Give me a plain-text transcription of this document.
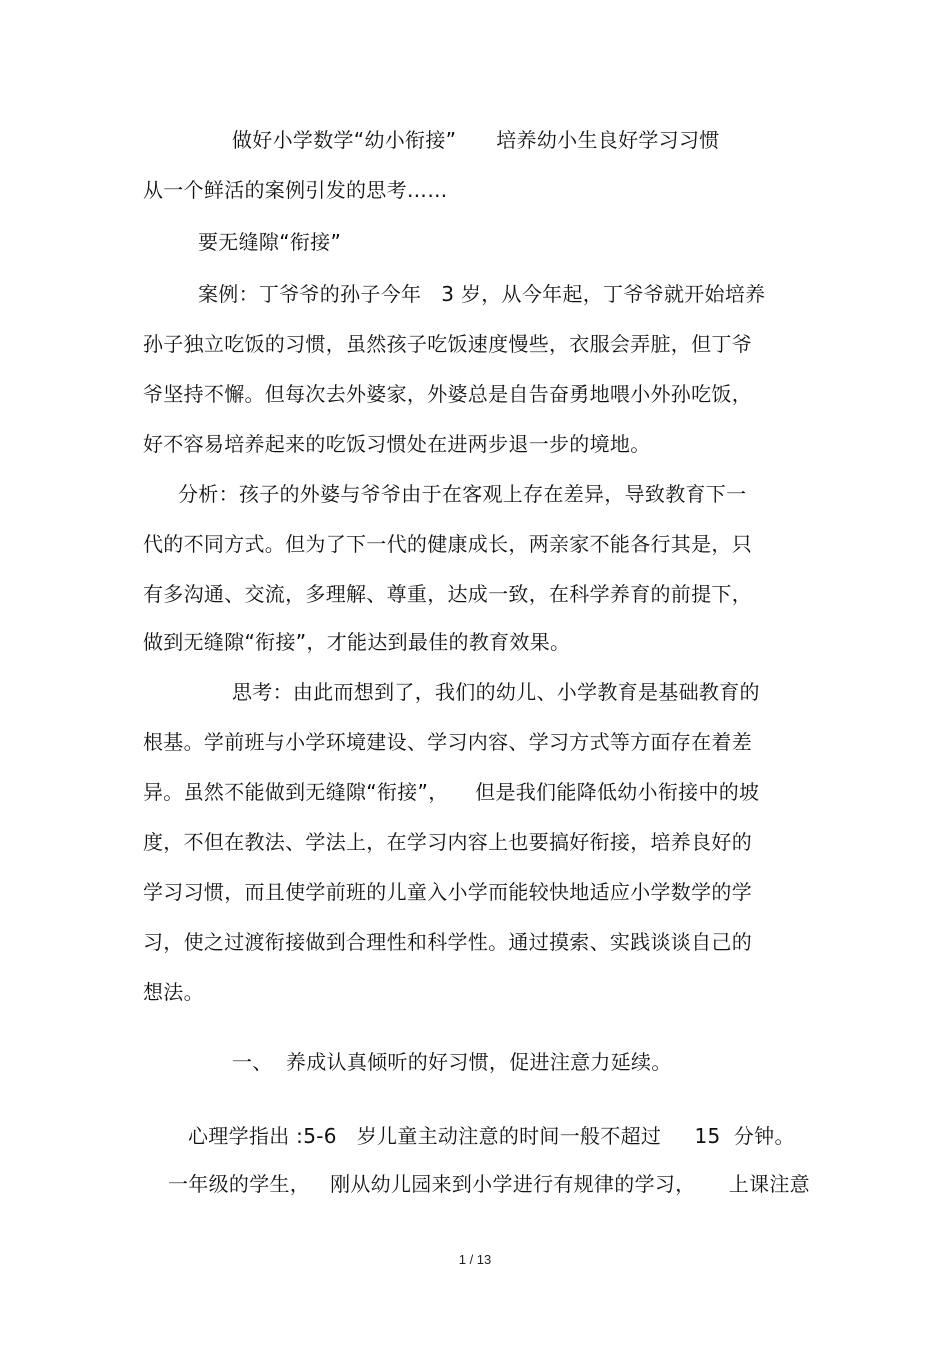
做好小学数学“幼小衔接”      培养幼小生良好学习习惯
从一个鲜活的案例引发的思考……
要无缝隙“衔接”
案例：丁爷爷的孙子今年   3 岁，从今年起，丁爷爷就开始培养
孙子独立吃饭的习惯，虽然孩子吃饭速度慢些，衣服会弄脏，但丁爷
爷坚持不懈。但每次去外婆家，外婆总是自告奋勇地喂小外孙吃饭，
好不容易培养起来的吃饭习惯处在进两步退一步的境地。
分析：孩子的外婆与爷爷由于在客观上存在差异，导致教育下一
代的不同方式。但为了下一代的健康成长，两亲家不能各行其是，只
有多沟通、交流，多理解、尊重，达成一致，在科学养育的前提下，
做到无缝隙“衔接”，才能达到最佳的教育效果。
思考：由此而想到了，我们的幼儿、小学教育是基础教育的
根基。学前班与小学环境建设、学习内容、学习方式等方面存在着差
异。虽然不能做到无缝隙“衔接”，    但是我们能降低幼小衔接中的坡
度，不但在教法、学法上，在学习内容上也要搞好衔接，培养良好的
学习习惯，而且使学前班的儿童入小学而能较快地适应小学数学的学
习，使之过渡衔接做到合理性和科学性。通过摸索、实践谈谈自己的
想法。
一、  养成认真倾听的好习惯，促进注意力延续。
心理学指出 :5-6   岁儿童主动注意的时间一般不超过     15  分钟。
一年级的学生，   刚从幼儿园来到小学进行有规律的学习，     上课注意
1 / 13
